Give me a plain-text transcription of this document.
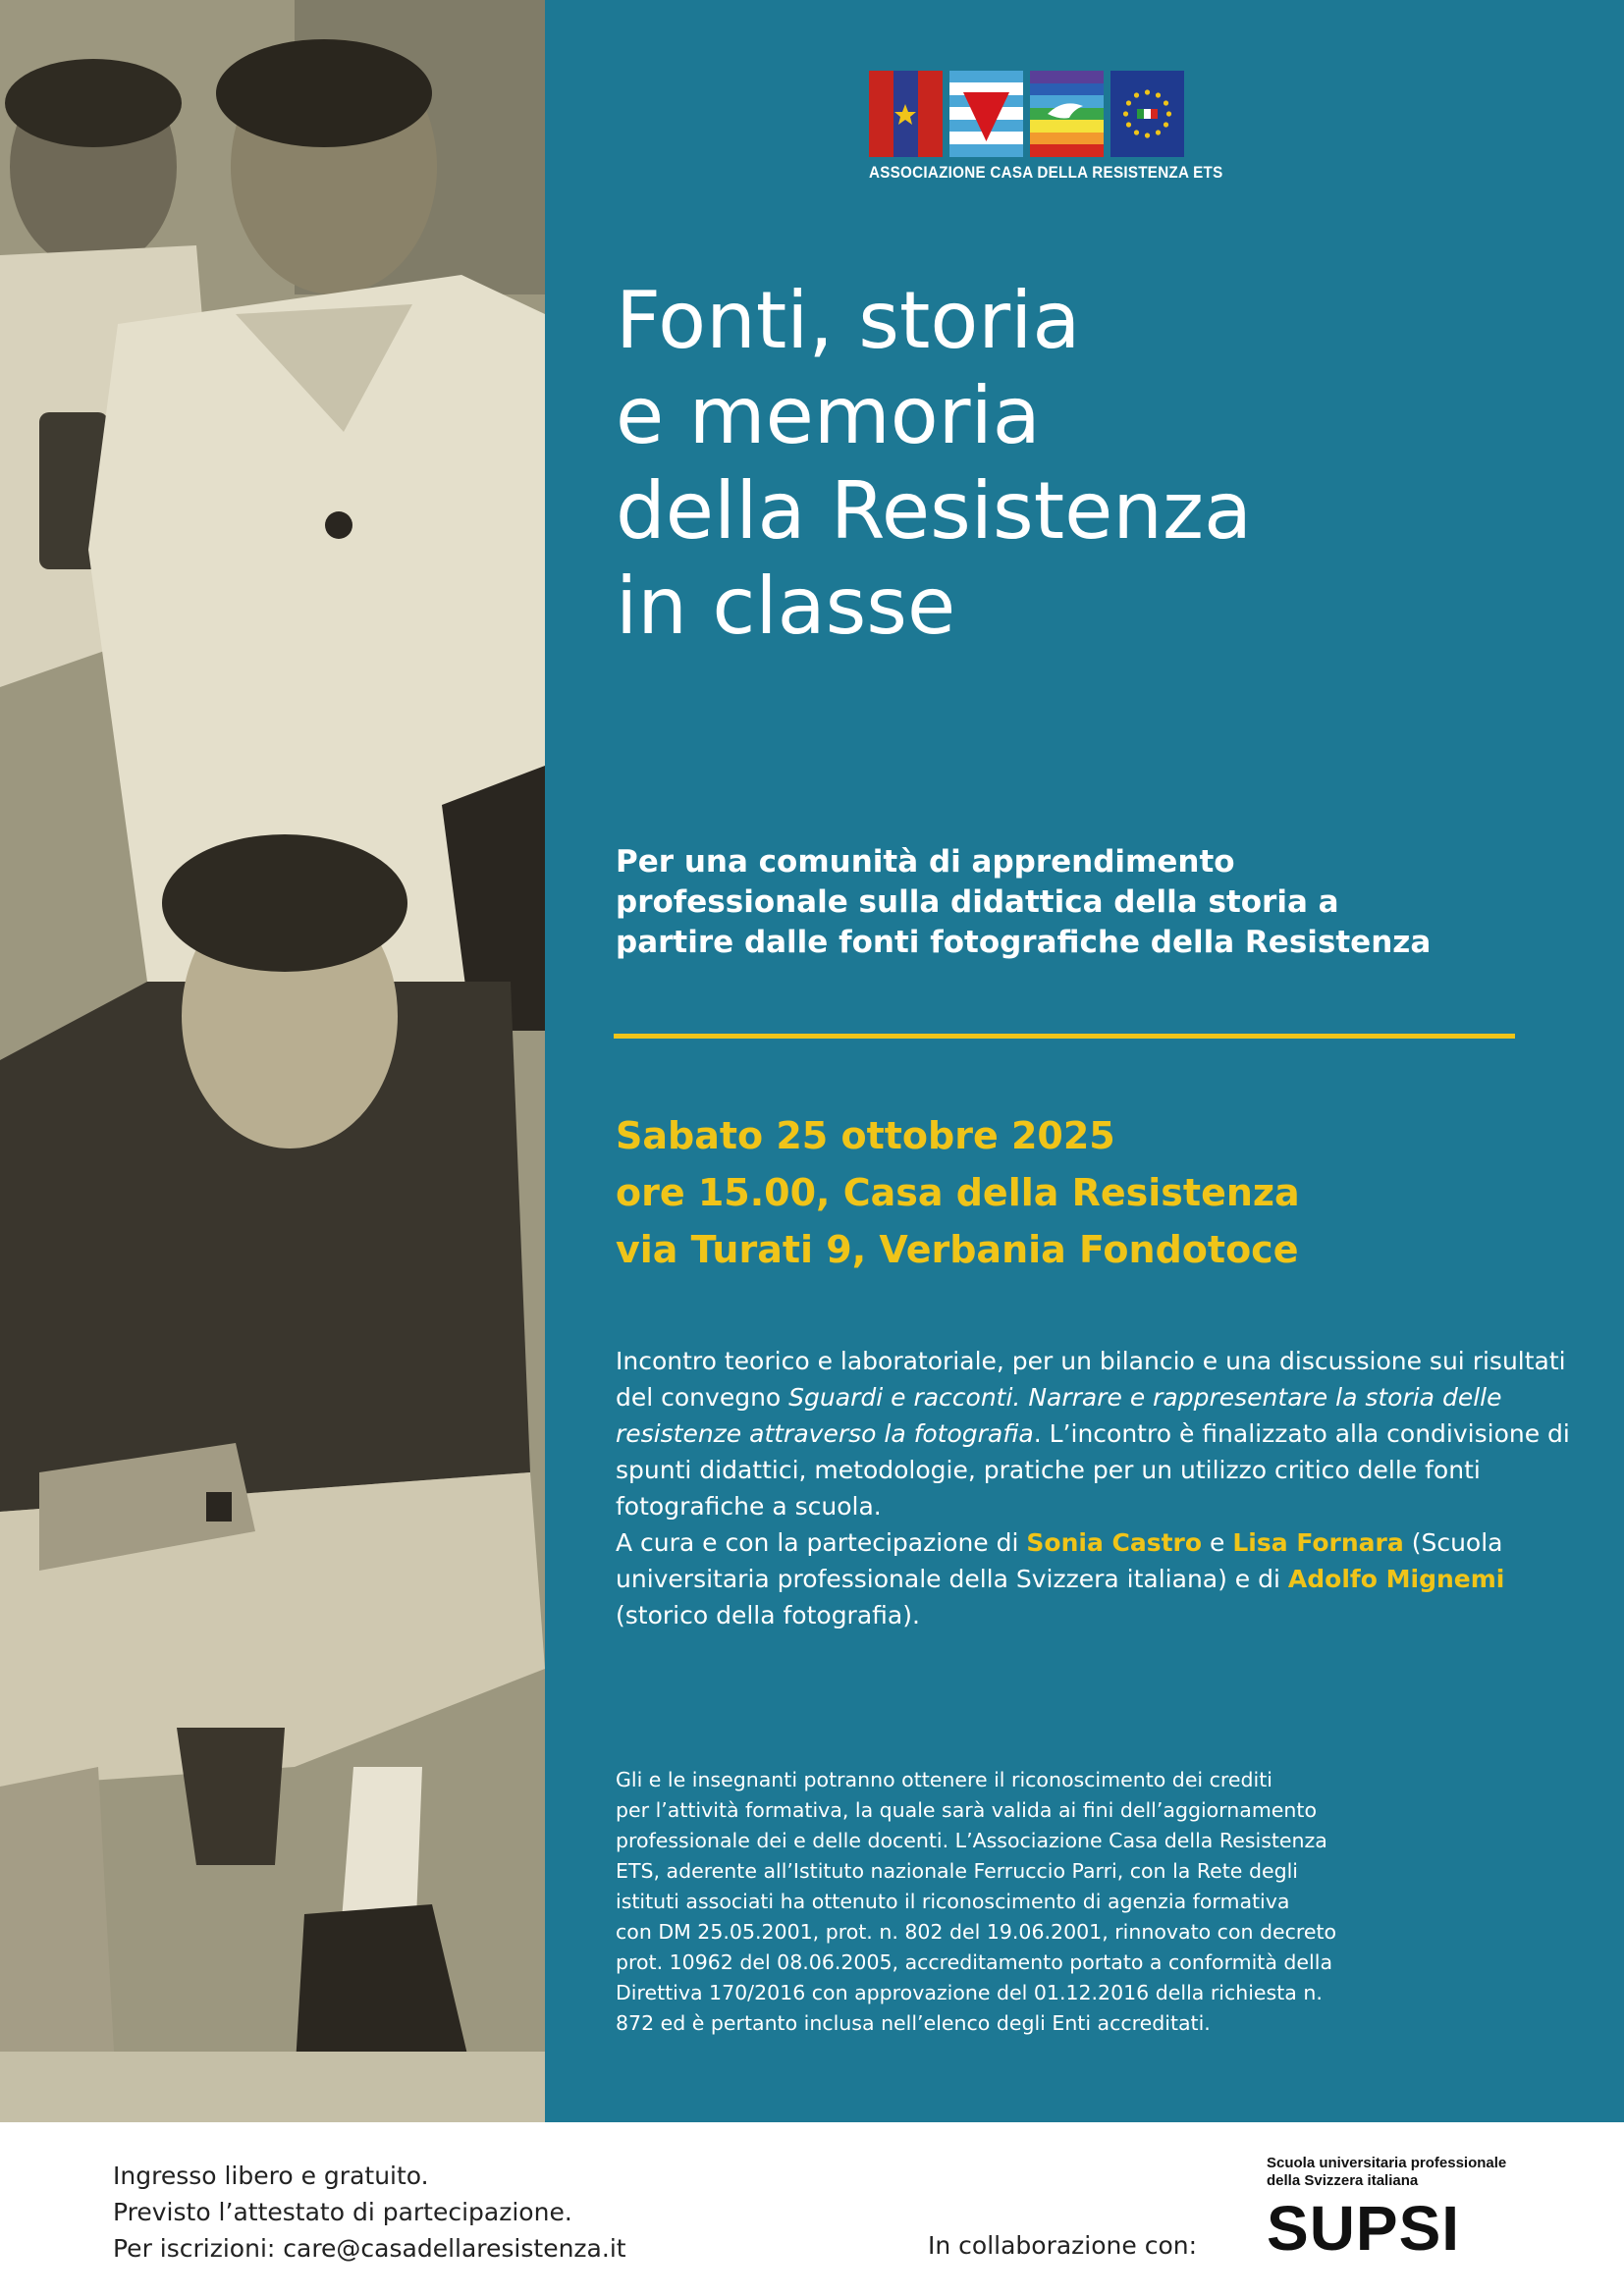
ASSOCIAZIONE CASA DELLA RESISTENZA ETS
Fonti, storia
e memoria
della Resistenza
in classe
Per una comunità di apprendimento
professionale sulla didattica della storia a
partire dalle fonti fotografiche della Resistenza
Sabato 25 ottobre 2025
ore 15.00, Casa della Resistenza
via Turati 9, Verbania Fondotoce

Incontro teorico e laboratoriale, per un bilancio e una discussione sui risultati del convegno Sguardi e racconti. Narrare e rappresentare la storia delle resistenze attraverso la fotografia. L’incontro è finalizzato alla condivisione di spunti didattici, metodologie, pratiche per un utilizzo critico delle fonti fotografiche a scuola.

A cura e con la partecipazione di Sonia Castro e Lisa Fornara (Scuola universitaria professionale della Svizzera italiana) e di Adolfo Mignemi (storico della fotografia).

Gli e le insegnanti potranno ottenere il riconoscimento dei crediti
per l’attività formativa, la quale sarà valida ai fini dell’aggiornamento
professionale dei e delle docenti. L’Associazione Casa della Resistenza
ETS, aderente all’Istituto nazionale Ferruccio Parri, con la Rete degli
istituti associati ha ottenuto il riconoscimento di agenzia formativa
con DM 25.05.2001, prot. n. 802 del 19.06.2001, rinnovato con decreto
prot. 10962 del 08.06.2005, accreditamento portato a conformità della
Direttiva 170/2016 con approvazione del 01.12.2016 della richiesta n.
872 ed è pertanto inclusa nell’elenco degli Enti accreditati.
Ingresso libero e gratuito.
Previsto l’attestato di partecipazione.
Per iscrizioni: care@casadellaresistenza.it	In collaborazione con:
Scuola universitaria professionale
della Svizzera italiana
SUPSI
